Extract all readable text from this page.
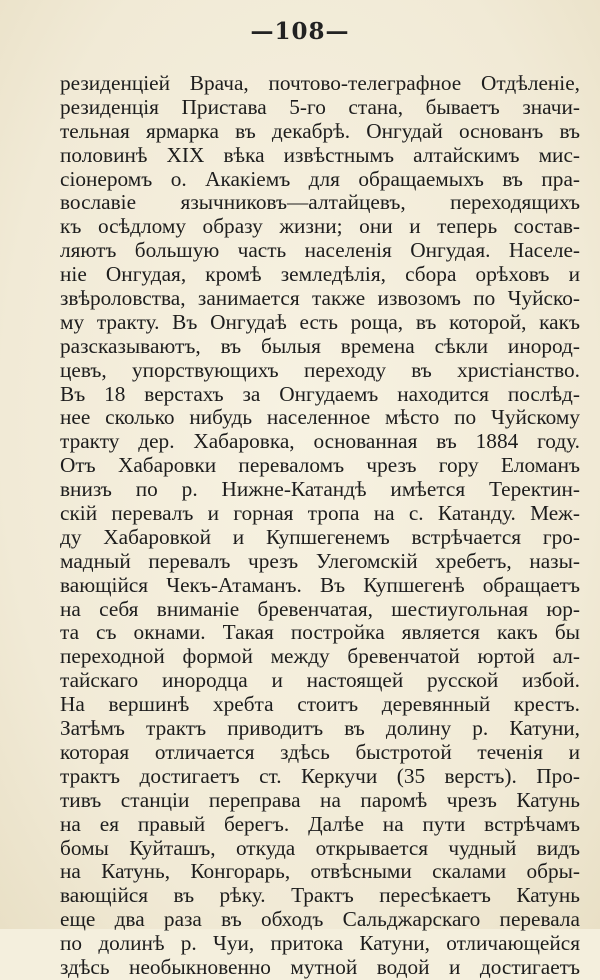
—108—
резиденціей Врача, почтово-телеграфное Отдѣленіе,
резиденція Пристава 5-го стана, бываетъ значи-
тельная ярмарка въ декабрѣ. Онгудай основанъ въ
половинѣ XIX вѣка извѣстнымъ алтайскимъ мис-
сіонеромъ о. Акакіемъ для обращаемыхъ въ пра-
вославіе язычниковъ—алтайцевъ, переходящихъ
къ осѣдлому образу жизни; они и теперь состав-
ляютъ большую часть населенія Онгудая. Населе-
ніе Онгудая, кромѣ земледѣлія, сбора орѣховъ и
звѣроловства, занимается также извозомъ по Чуйско-
му тракту. Въ Онгудаѣ есть роща, въ которой, какъ
разсказываютъ, въ былыя времена сѣкли инород-
цевъ, упорствующихъ переходу въ христіанство.
Въ 18 верстахъ за Онгудаемъ находится послѣд-
нее сколько нибудь населенное мѣсто по Чуйскому
тракту дер. Хабаровка, основанная въ 1884 году.
Отъ Хабаровки переваломъ чрезъ гору Еломанъ
внизъ по р. Нижне-Катандѣ имѣется Теректин-
скій перевалъ и горная тропа на с. Катанду. Меж-
ду Хабаровкой и Купшегенемъ встрѣчается гро-
мадный перевалъ чрезъ Улегомскій хребетъ, назы-
вающійся Чекъ-Атаманъ. Въ Купшегенѣ обращаетъ
на себя вниманіе бревенчатая, шестиугольная юр-
та съ окнами. Такая постройка является какъ бы
переходной формой между бревенчатой юртой ал-
тайскаго инородца и настоящей русской избой.
На вершинѣ хребта стоитъ деревянный крестъ.
Затѣмъ трактъ приводитъ въ долину р. Катуни,
которая отличается здѣсь быстротой теченія и
трактъ достигаетъ ст. Керкучи (35 верстъ). Про-
тивъ станціи переправа на паромѣ чрезъ Катунь
на ея правый берегъ. Далѣе на пути встрѣчамъ
бомы Куйташъ, откуда открывается чудный видъ
на Катунь, Конгорарь, отвѣсными скалами обры-
вающійся въ рѣку. Трактъ пересѣкаетъ Катунь
еще два раза въ обходъ Сальджарскаго перевала
по долинѣ р. Чуи, притока Катуни, отличающейся
здѣсь необыкновенно мутной водой и достигаетъ
